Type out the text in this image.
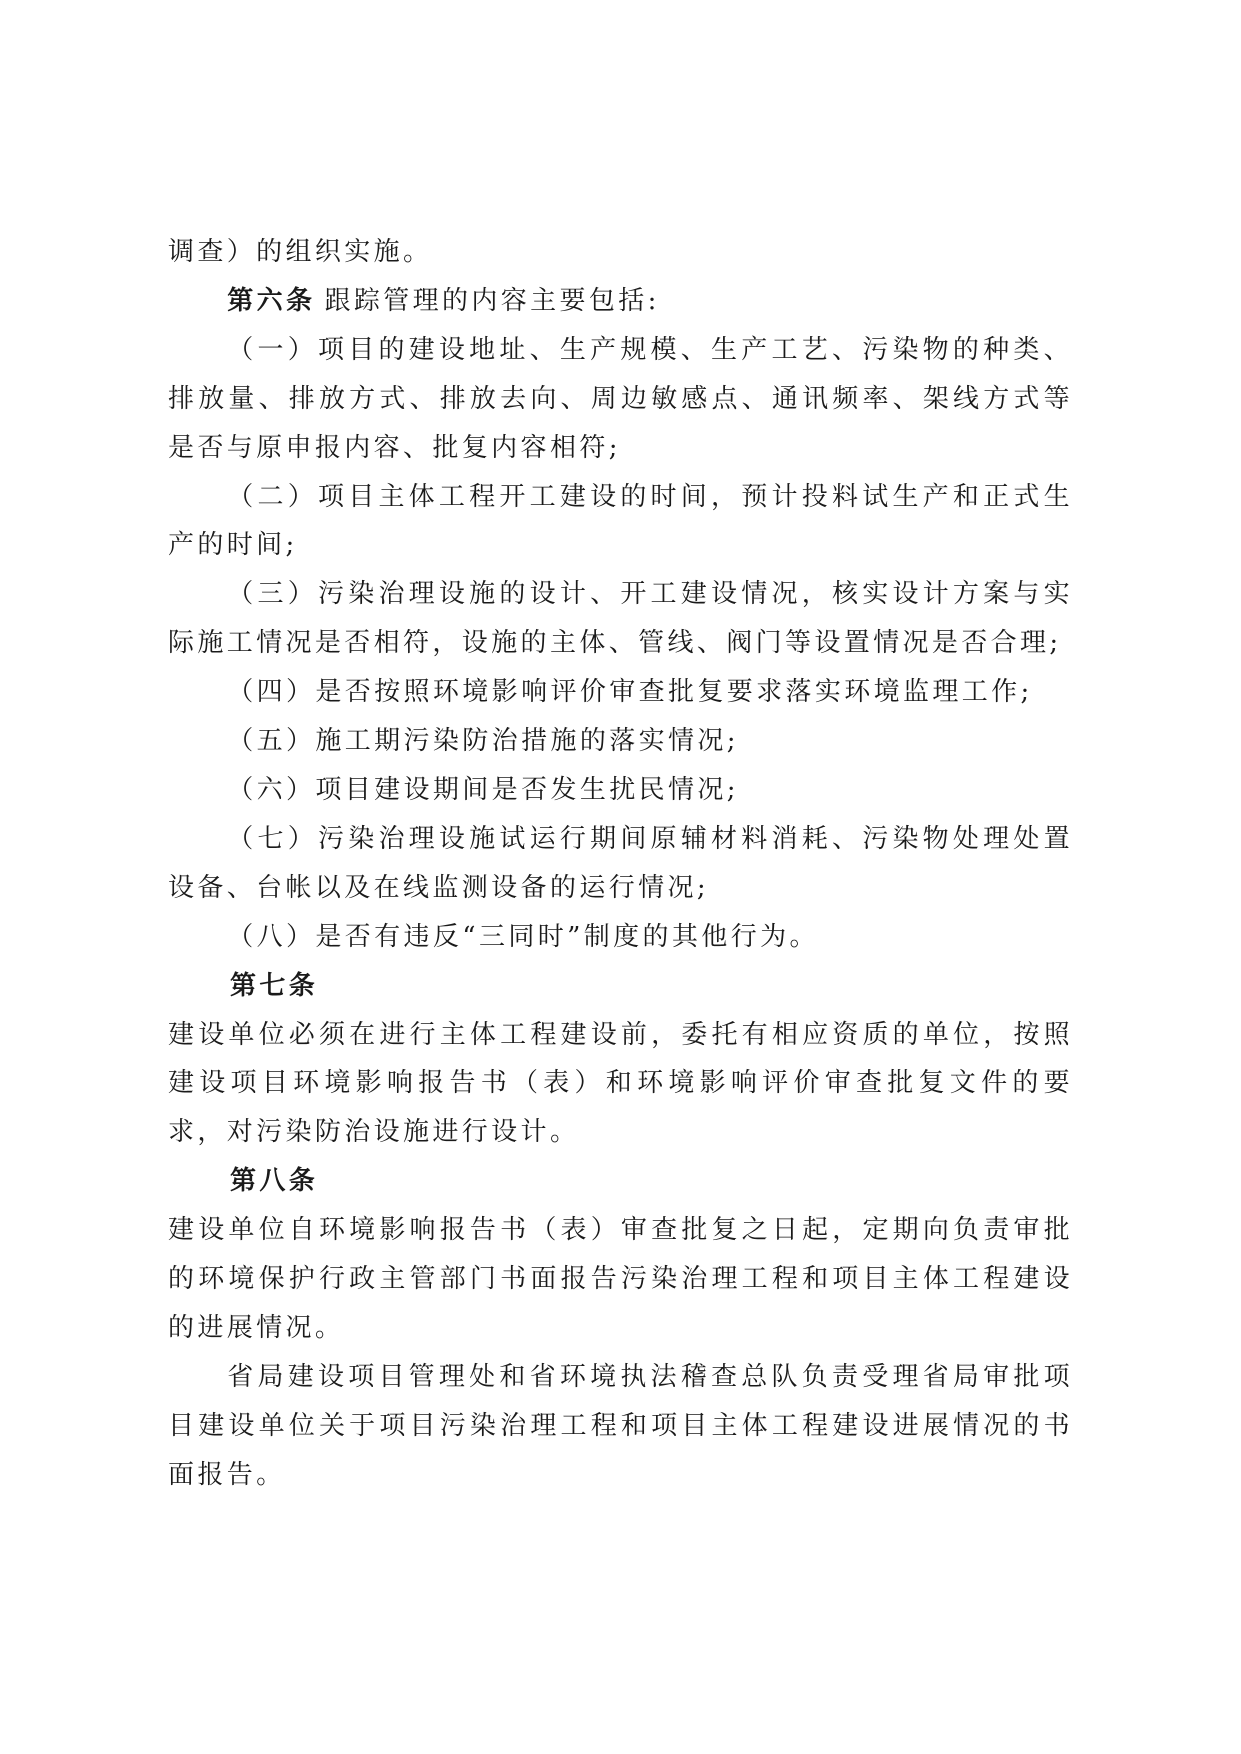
调查）的组织实施。

第六条 跟踪管理的内容主要包括:

（一）项目的建设地址、生产规模、生产工艺、污染物的种类、排放量、排放方式、排放去向、周边敏感点、通讯频率、架线方式等是否与原申报内容、批复内容相符;

（二）项目主体工程开工建设的时间，预计投料试生产和正式生产的时间;

（三）污染治理设施的设计、开工建设情况，核实设计方案与实际施工情况是否相符，设施的主体、管线、阀门等设置情况是否合理;

（四）是否按照环境影响评价审查批复要求落实环境监理工作;

（五）施工期污染防治措施的落实情况;

（六）项目建设期间是否发生扰民情况;

（七）污染治理设施试运行期间原辅材料消耗、污染物处理处置设备、台帐以及在线监测设备的运行情况;

（八）是否有违反“三同时”制度的其他行为。

第七条

建设单位必须在进行主体工程建设前，委托有相应资质的单位，按照建设项目环境影响报告书（表）和环境影响评价审查批复文件的要求，对污染防治设施进行设计。

第八条

建设单位自环境影响报告书（表）审查批复之日起，定期向负责审批的环境保护行政主管部门书面报告污染治理工程和项目主体工程建设的进展情况。

省局建设项目管理处和省环境执法稽查总队负责受理省局审批项目建设单位关于项目污染治理工程和项目主体工程建设进展情况的书面报告。
